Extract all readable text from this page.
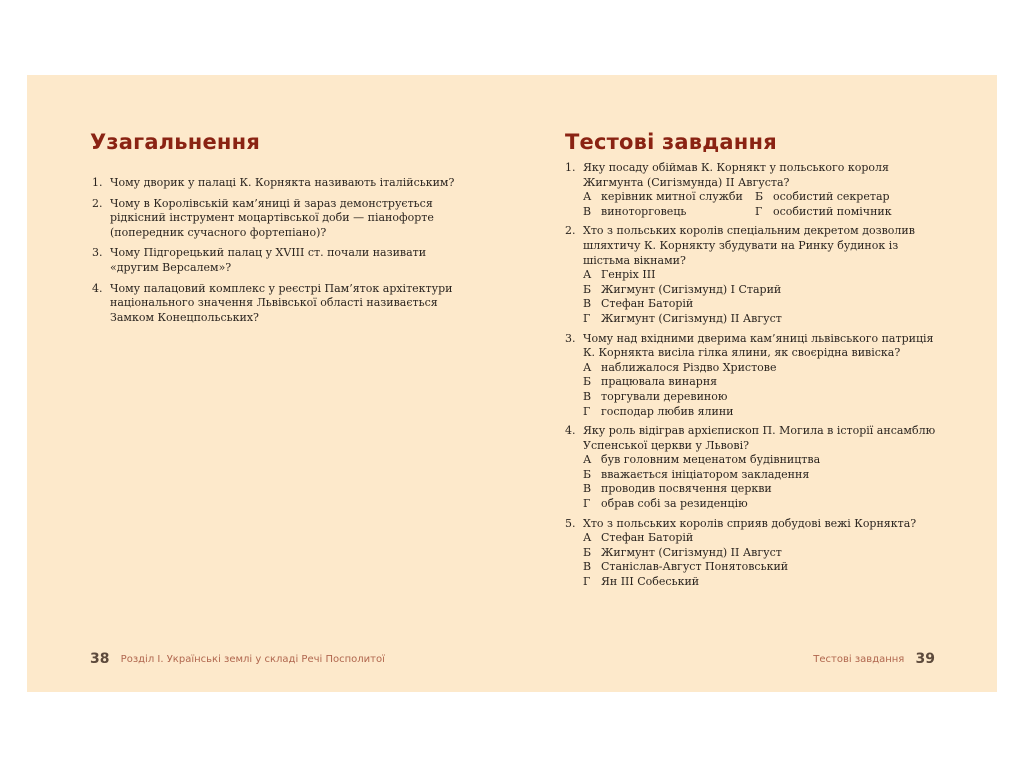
Узагальнення
1. Чому дворик у палаці К. Корнякта називають італійським?
2. Чому в Королівській кам’яниці й зараз демонструється рідкісний інструмент моцартівської доби — піанофорте (попередник сучасного фортепіано)?
3. Чому Підгорецький палац у XVIII ст. почали називати «другим Версалем»?
4. Чому палацовий комплекс у реєстрі Пам’яток архітектури національного значення Львівської області називається Замком Конецпольських?
38 Розділ І. Українські землі у складі Речі Посполитої
Тестові завдання
1. Яку посаду обіймав К. Корнякт у польського короля Жигмунта (Сигізмунда) ІІ Августа?
А керівник митної служби	Б особистий секретар
В виноторговець	Г особистий помічник
2. Хто з польських королів спеціальним декретом дозволив шляхтичу К. Корнякту збудувати на Ринку будинок із шістьма вікнами?
А Генріх ІІІ
Б Жигмунт (Сигізмунд) І Старий
В Стефан Баторій
Г Жигмунт (Сигізмунд) ІІ Август
3. Чому над вхідними дверима кам’яниці львівського патриція К. Корнякта висіла гілка ялини, як своєрідна вивіска?
А наближалося Різдво Христове
Б працювала винарня
В торгували деревиною
Г господар любив ялини
4. Яку роль відіграв архієпископ П. Могила в історії ансамблю Успенської церкви у Львові?
А був головним меценатом будівництва
Б вважається ініціатором закладення
В проводив посвячення церкви
Г обрав собі за резиденцію
5. Хто з польських королів сприяв добудові вежі Корнякта?
А Стефан Баторій
Б Жигмунт (Сигізмунд) ІІ Август
В Станіслав-Август Понятовський
Г Ян ІІІ Собеський
Тестові завдання 39
